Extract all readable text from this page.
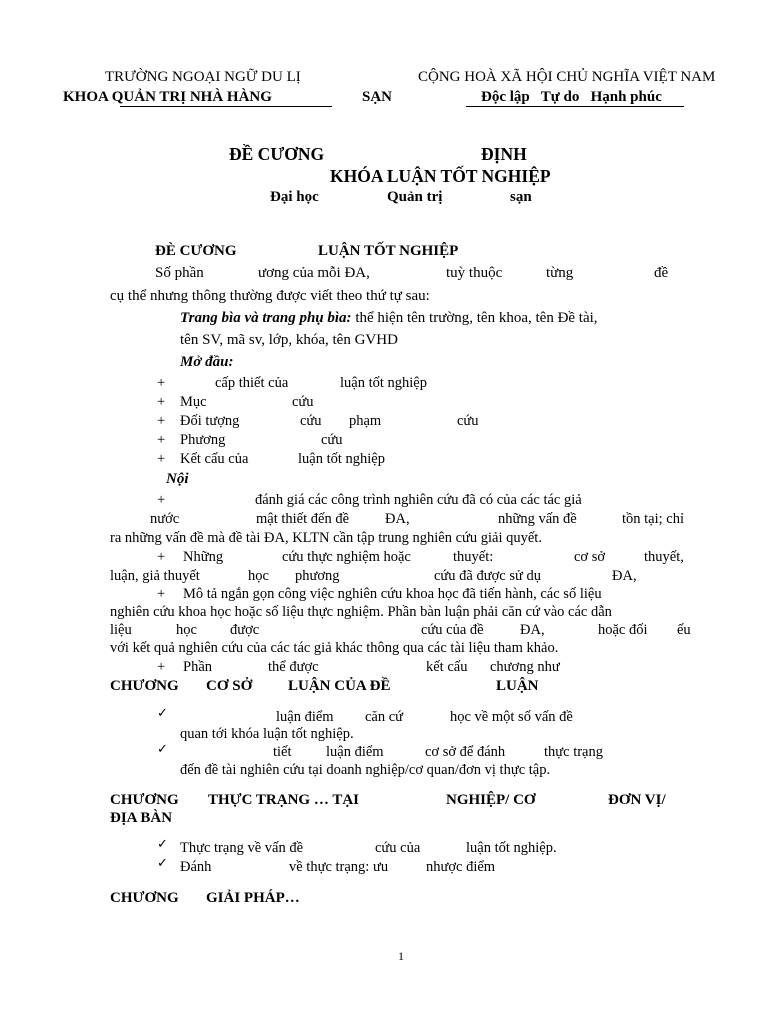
TRƯỜNG NGOẠI NGỮ DU LỊ	CỘNG HOÀ XÃ HỘI CHỦ NGHĨA VIỆT NAM
KHOA QUẢN TRỊ NHÀ HÀNG	SẠN	Độc lập   Tự do   Hạnh phúc
ĐỀ CƯƠNG	ĐỊNH
KHÓA LUẬN TỐT NGHIỆP
Đại học	Quản trị	sạn
ĐÈ CƯƠNG	LUẬN TỐT NGHIỆP
Số phần	ương của mỗi ĐA,	tuỳ thuộc	từng	đề
cụ thể nhưng thông thường được viết theo thứ tự sau:
Trang bìa và trang phụ bìa: thể hiện tên trường, tên khoa, tên Đề tài,
tên SV, mã sv, lớp, khóa, tên GVHD
Mở đầu:
+	cấp thiết của	luận tốt nghiệp
+ Mục	cứu
+ Đối tượng	cứu phạm	cứu
+ Phương	cứu
+ Kết cấu của	luận tốt nghiệp
Nội
+	đánh giá các công trình nghiên cứu đã có của các tác giả
nước	mật thiết đến đề ĐA,	những vấn đề	tồn tại; chỉ
ra những vấn đề mà đề tài ĐA, KLTN cần tập trung nghiên cứu giải quyết.
+ Những	cứu thực nghiệm hoặc	thuyết:	cơ sở	thuyết,
luận, giả thuyết	học phương	cứu đã được sử dụ	ĐA,
+ Mô tả ngắn gọn công việc nghiên cứu khoa học đã tiến hành, các số liệu
nghiên cứu khoa học hoặc số liệu thực nghiệm. Phần bàn luận phải căn cứ vào các dẫn
liệu	học được	cứu của đề	ĐA,	hoặc đối ếu
với kết quả nghiên cứu của các tác giả khác thông qua các tài liệu tham khảo.
+ Phần	thể được	kết cấu chương như
CHƯƠNG CƠ SỞ LUẬN CỦA ĐỀ	LUẬN
✓	luận điểm căn cứ	học về một số vấn đề
quan tới khóa luận tốt nghiệp.
✓	tiết luận điểm	cơ sở để đánh	thực trạng
đến đề tài nghiên cứu tại doanh nghiệp/cơ quan/đơn vị thực tập.
CHƯƠNG THỰC TRẠNG … TẠI	NGHIỆP/ CƠ	ĐƠN VỊ/
ĐỊA BÀN
✓ Thực trạng về vấn đề	cứu của	luận tốt nghiệp.
✓ Đánh	về thực trạng: ưu	nhược điểm
CHƯƠNG GIẢI PHÁP…
1
